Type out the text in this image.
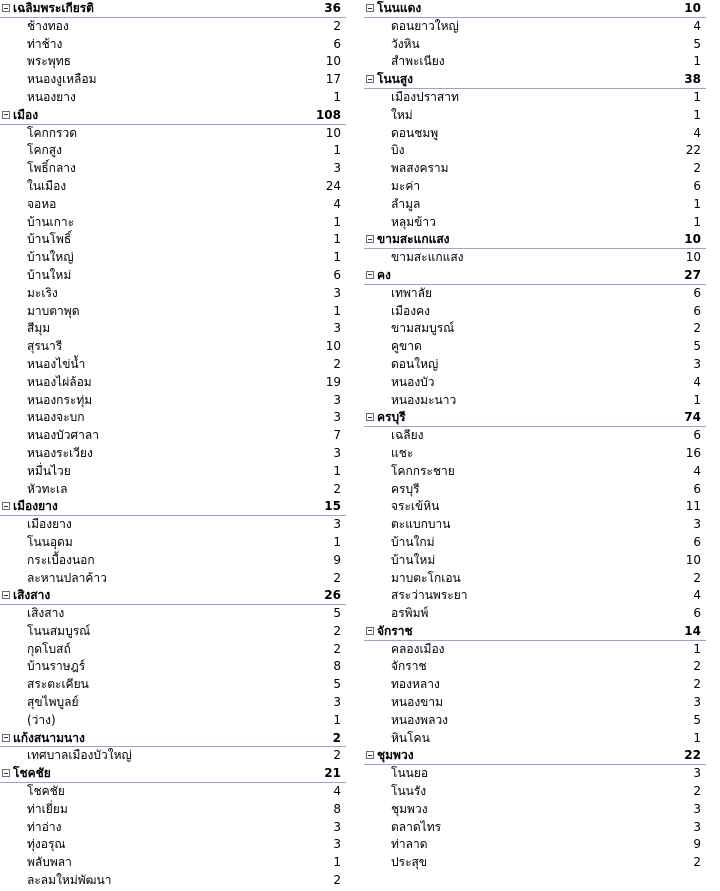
เฉลิมพระเกียรติ	36
ช้างทอง	2
ท่าช้าง	6
พระพุทธ	10
หนองงูเหลือม	17
หนองยาง	1
เมือง	108
โคกกรวด	10
โคกสูง	1
โพธิ์กลาง	3
ในเมือง	24
จอหอ	4
บ้านเกาะ	1
บ้านโพธิ์	1
บ้านใหญ่	1
บ้านใหม่	6
มะเริง	3
มาบตาพุด	1
สีมุม	3
สุรนารี	10
หนองไข่น้ำ	2
หนองไผ่ล้อม	19
หนองกระทุ่ม	3
หนองจะบก	3
หนองบัวศาลา	7
หนองระเวียง	3
หมื่นไวย	1
หัวทะเล	2
เมืองยาง	15
เมืองยาง	3
โนนอุดม	1
กระเบื้องนอก	9
ละหานปลาค้าว	2
เสิงสาง	26
เสิงสาง	5
โนนสมบูรณ์	2
กุดโบสถ์	2
บ้านราษฎร์	8
สระตะเคียน	5
สุขไพบูลย์	3
(ว่าง)	1
แก้งสนามนาง	2
เทศบาลเมืองบัวใหญ่	2
โชคชัย	21
โชคชัย	4
ท่าเยี่ยม	8
ท่าอ่าง	3
ทุ่งอรุณ	3
พลับพลา	1
ละลมใหม่พัฒนา	2
โนนแดง	10
ดอนยาวใหญ่	4
วังหิน	5
สำพะเนียง	1
โนนสูง	38
เมืองปราสาท	1
ใหม่	1
ดอนชมพู	4
บิง	22
พลสงคราม	2
มะค่า	6
ลำมูล	1
หลุมข้าว	1
ขามสะแกแสง	10
ขามสะแกแสง	10
คง	27
เทพาลัย	6
เมืองคง	6
ขามสมบูรณ์	2
คูขาด	5
ดอนใหญ่	3
หนองบัว	4
หนองมะนาว	1
ครบุรี	74
เฉลียง	6
แชะ	16
โคกกระชาย	4
ครบุรี	6
จระเข้หิน	11
ตะแบกบาน	3
บ้านใกม่	6
บ้านใหม่	10
มาบตะโกเอน	2
สระว่านพระยา	4
อรพิมพ์	6
จักราช	14
คลองเมือง	1
จักราช	2
ทองหลาง	2
หนองขาม	3
หนองพลวง	5
หินโคน	1
ชุมพวง	22
โนนยอ	3
โนนรัง	2
ชุมพวง	3
ตลาดไทร	3
ท่าลาด	9
ประสุข	2
